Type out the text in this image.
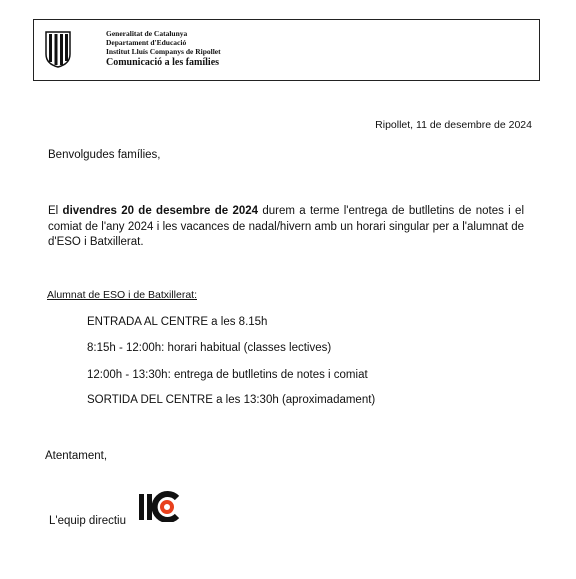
Generalitat de Catalunya
Departament d'Educació
Institut Lluís Companys de Ripollet
Comunicació a les famílies
Ripollet, 11 de desembre de 2024
Benvolgudes famílies,
El divendres 20 de desembre de 2024 durem a terme l'entrega de butlletins de notes i el comiat de l'any 2024 i les vacances de nadal/hivern amb un horari singular per a l'alumnat de d'ESO i Batxillerat.
Alumnat de ESO i de Batxillerat:
ENTRADA AL CENTRE a les 8.15h
8:15h - 12:00h: horari habitual (classes lectives)
12:00h - 13:30h: entrega de butlletins de notes i comiat
SORTIDA DEL CENTRE a les 13:30h (aproximadament)
Atentament,
L'equip directiu
